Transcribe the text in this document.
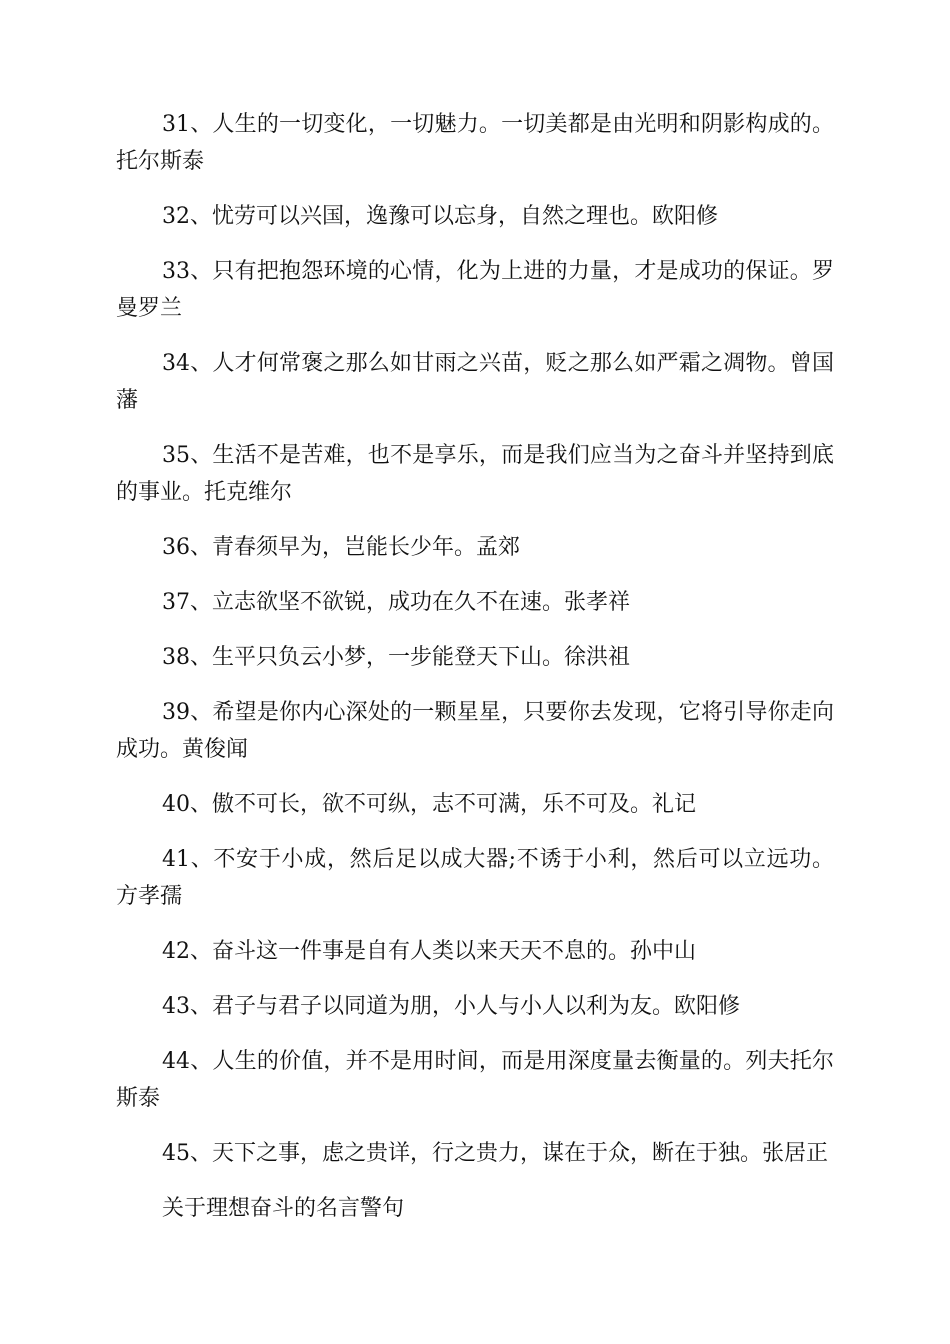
31、人生的一切变化，一切魅力。一切美都是由光明和阴影构成的。托尔斯泰

32、忧劳可以兴国，逸豫可以忘身，自然之理也。欧阳修

33、只有把抱怨环境的心情，化为上进的力量，才是成功的保证。罗曼罗兰

34、人才何常褒之那么如甘雨之兴苗，贬之那么如严霜之凋物。曾国藩

35、生活不是苦难，也不是享乐，而是我们应当为之奋斗并坚持到底的事业。托克维尔

36、青春须早为，岂能长少年。孟郊

37、立志欲坚不欲锐，成功在久不在速。张孝祥

38、生平只负云小梦，一步能登天下山。徐洪祖

39、希望是你内心深处的一颗星星，只要你去发现，它将引导你走向成功。黄俊闻

40、傲不可长，欲不可纵，志不可满，乐不可及。礼记

41、不安于小成，然后足以成大器;不诱于小利，然后可以立远功。方孝孺

42、奋斗这一件事是自有人类以来天天不息的。孙中山

43、君子与君子以同道为朋，小人与小人以利为友。欧阳修

44、人生的价值，并不是用时间，而是用深度量去衡量的。列夫托尔斯泰

45、天下之事，虑之贵详，行之贵力，谋在于众，断在于独。张居正

关于理想奋斗的名言警句
